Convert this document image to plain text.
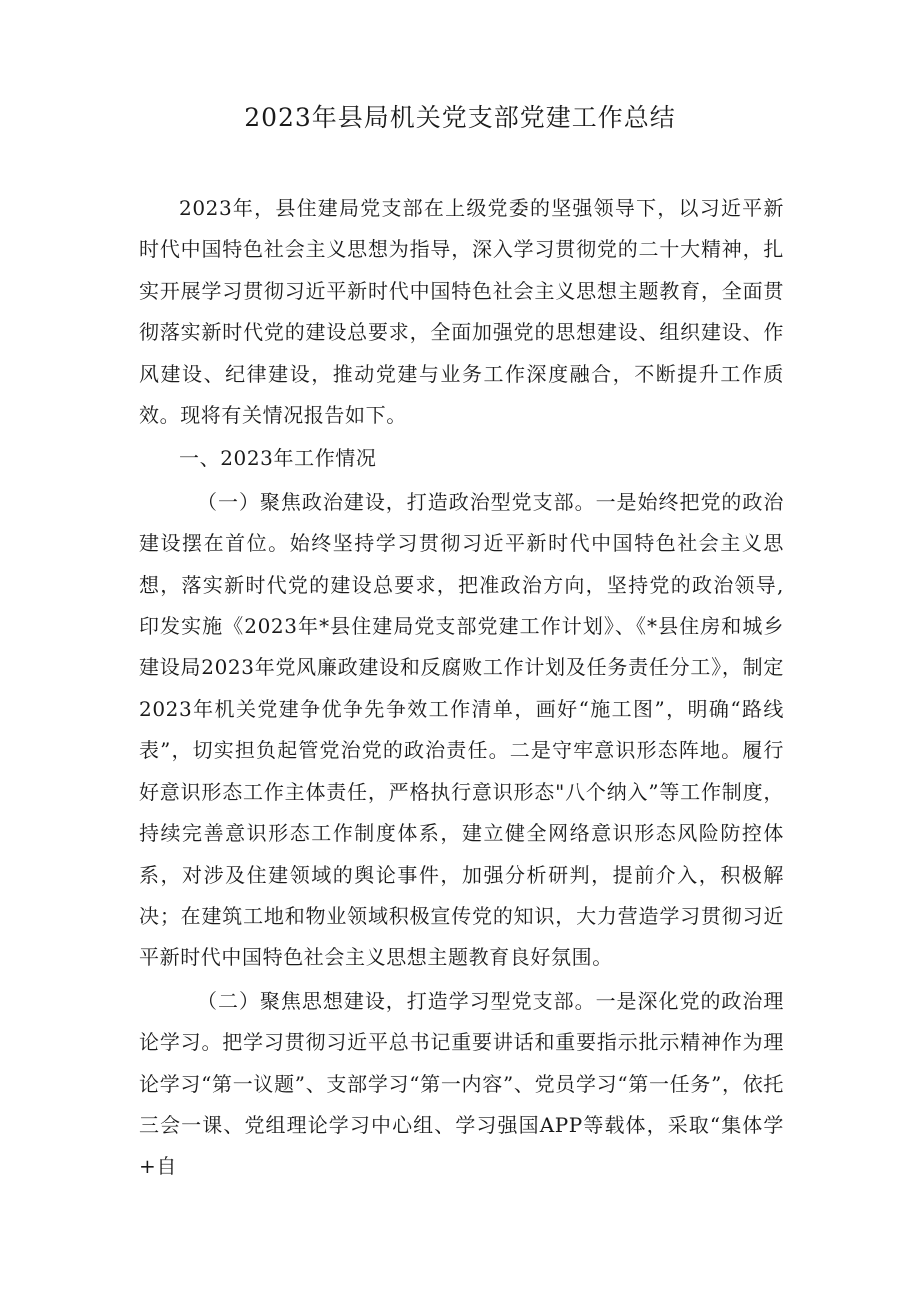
2023年县局机关党支部党建工作总结

2023年，县住建局党支部在上级党委的坚强领导下，以习近平新时代中国特色社会主义思想为指导，深入学习贯彻党的二十大精神，扎实开展学习贯彻习近平新时代中国特色社会主义思想主题教育，全面贯彻落实新时代党的建设总要求，全面加强党的思想建设、组织建设、作风建设、纪律建设，推动党建与业务工作深度融合，不断提升工作质效。现将有关情况报告如下。

一、2023年工作情况

（一）聚焦政治建设，打造政治型党支部。一是始终把党的政治建设摆在首位。始终坚持学习贯彻习近平新时代中国特色社会主义思想，落实新时代党的建设总要求，把准政治方向，坚持党的政治领导,印发实施《2023年*县住建局党支部党建工作计划》、《*县住房和城乡建设局2023年党风廉政建设和反腐败工作计划及任务责任分工》，制定2023年机关党建争优争先争效工作清单，画好“施工图”，明确“路线表”，切实担负起管党治党的政治责任。二是守牢意识形态阵地。履行好意识形态工作主体责任，严格执行意识形态"八个纳入”等工作制度，持续完善意识形态工作制度体系，建立健全网络意识形态风险防控体系，对涉及住建领域的舆论事件，加强分析研判，提前介入，积极解决；在建筑工地和物业领域积极宣传党的知识，大力营造学习贯彻习近平新时代中国特色社会主义思想主题教育良好氛围。

（二）聚焦思想建设，打造学习型党支部。一是深化党的政治理论学习。把学习贯彻习近平总书记重要讲话和重要指示批示精神作为理论学习“第一议题”、支部学习“第一内容”、党员学习“第一任务”，依托三会一课、党组理论学习中心组、学习强国APP等载体，采取“集体学+自
